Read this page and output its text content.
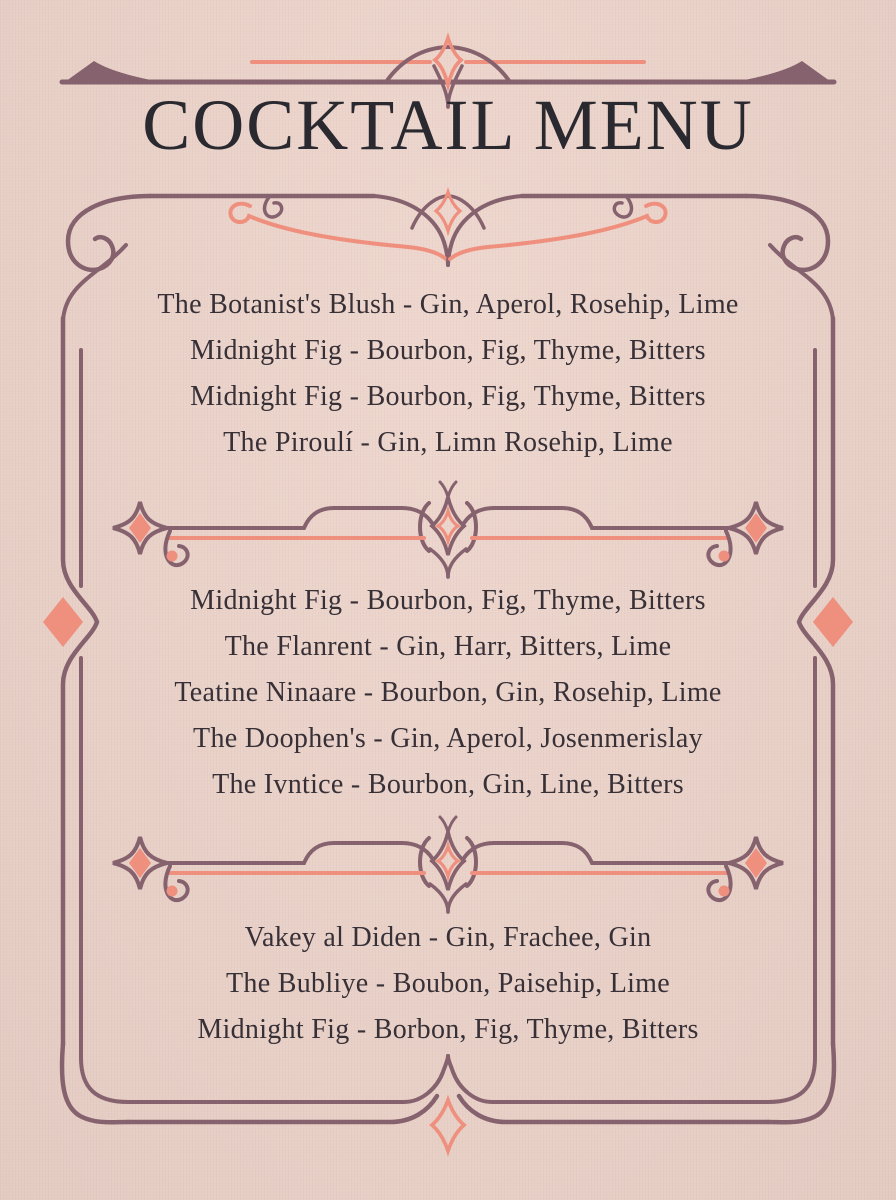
COCKTAIL MENU
The Botanist's Blush - Gin, Aperol, Rosehip, Lime
Midnight Fig - Bourbon, Fig, Thyme, Bitters
Midnight Fig - Bourbon, Fig, Thyme, Bitters
The Piroulí - Gin, Limn Rosehip, Lime
Midnight Fig - Bourbon, Fig, Thyme, Bitters
The Flanrent - Gin, Harr, Bitters, Lime
Teatine Ninaare - Bourbon, Gin, Rosehip, Lime
The Doophen's - Gin, Aperol, Josenmerislay
The Ivntice - Bourbon, Gin, Line, Bitters
Vakey al Diden - Gin, Frachee, Gin
The Bubliye - Boubon, Paisehip, Lime
Midnight Fig - Borbon, Fig, Thyme, Bitters
